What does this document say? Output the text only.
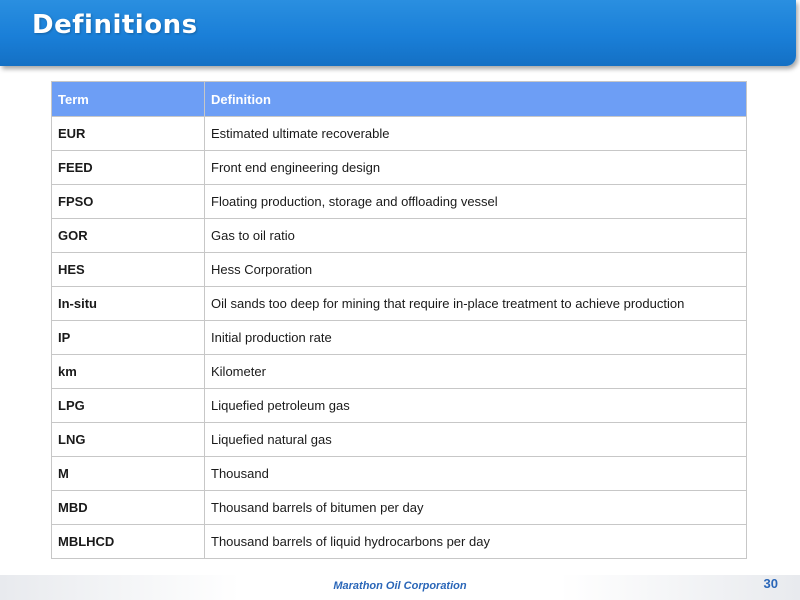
Definitions
Term	Definition
EUR	Estimated ultimate recoverable
FEED	Front end engineering design
FPSO	Floating production, storage and offloading vessel
GOR	Gas to oil ratio
HES	Hess Corporation
In-situ	Oil sands too deep for mining that require in-place treatment to achieve production
IP	Initial production rate
km	Kilometer
LPG	Liquefied petroleum gas
LNG	Liquefied natural gas
M	Thousand
MBD	Thousand barrels of bitumen per day
MBLHCD	Thousand barrels of liquid hydrocarbons per day
Marathon Oil Corporation	30
